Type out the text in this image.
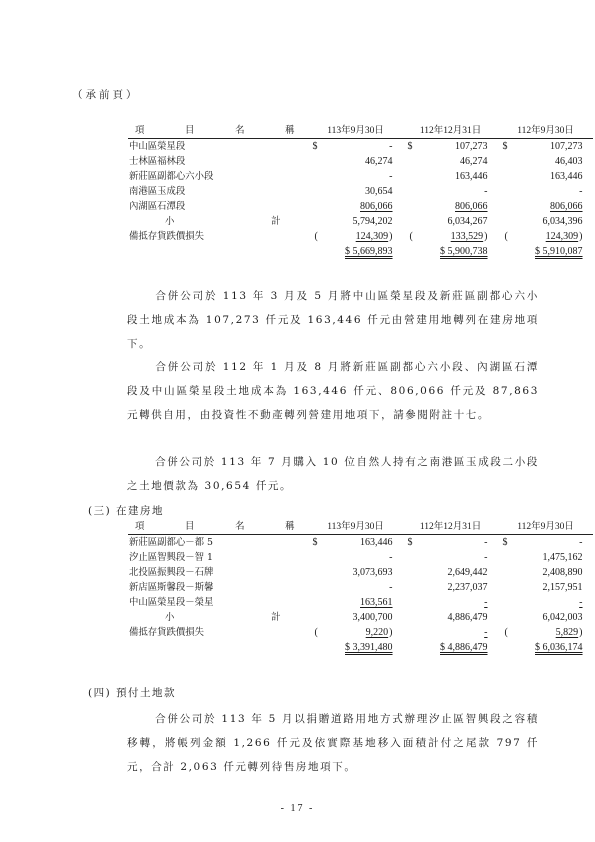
（承前頁）
項 目 名 稱	113年9月30日	112年12月31日	112年9月30日
中山區榮星段	$ -	$ 107,273	$ 107,273
士林區福林段	46,274	46,274	46,403
新莊區副都心六小段	-	163,446	163,446
南港區玉成段	30,654	-	-
內湖區石潭段	806,066	806,066	806,066
小　　計	5,794,202	6,034,267	6,034,396
備抵存貨跌價損失	( 124,309)	( 133,529)	( 124,309)
	$ 5,669,893	$ 5,900,738	$ 5,910,087

合併公司於 113 年 3 月及 5 月將中山區榮星段及新莊區副都心六小段土地成本為 107,273 仟元及 163,446 仟元由營建用地轉列在建房地項下。

合併公司於 112 年 1 月及 8 月將新莊區副都心六小段、內湖區石潭段及中山區榮星段土地成本為 163,446 仟元、806,066 仟元及 87,863 元轉供自用，由投資性不動產轉列營建用地項下，請參閱附註十七。

合併公司於 113 年 7 月購入 10 位自然人持有之南港區玉成段二小段之土地價款為 30,654 仟元。

(三) 在建房地
項 目 名 稱	113年9月30日	112年12月31日	112年9月30日
新莊區副都心－都 5	$ 163,446	$ -	$ -
汐止區智興段－智 1	-	-	1,475,162
北投區振興段－石牌	3,073,693	2,649,442	2,408,890
新店區斯馨段－斯馨	-	2,237,037	2,157,951
中山區榮星段－榮星	163,561	-	-
小　　計	3,400,700	4,886,479	6,042,003
備抵存貨跌價損失	( 9,220)	-	( 5,829)
	$ 3,391,480	$ 4,886,479	$ 6,036,174
(四) 預付土地款

合併公司於 113 年 5 月以捐贈道路用地方式辦理汐止區智興段之容積移轉，將帳列金額 1,266 仟元及依實際基地移入面積計付之尾款 797 仟元，合計 2,063 仟元轉列待售房地項下。

- 17 -
